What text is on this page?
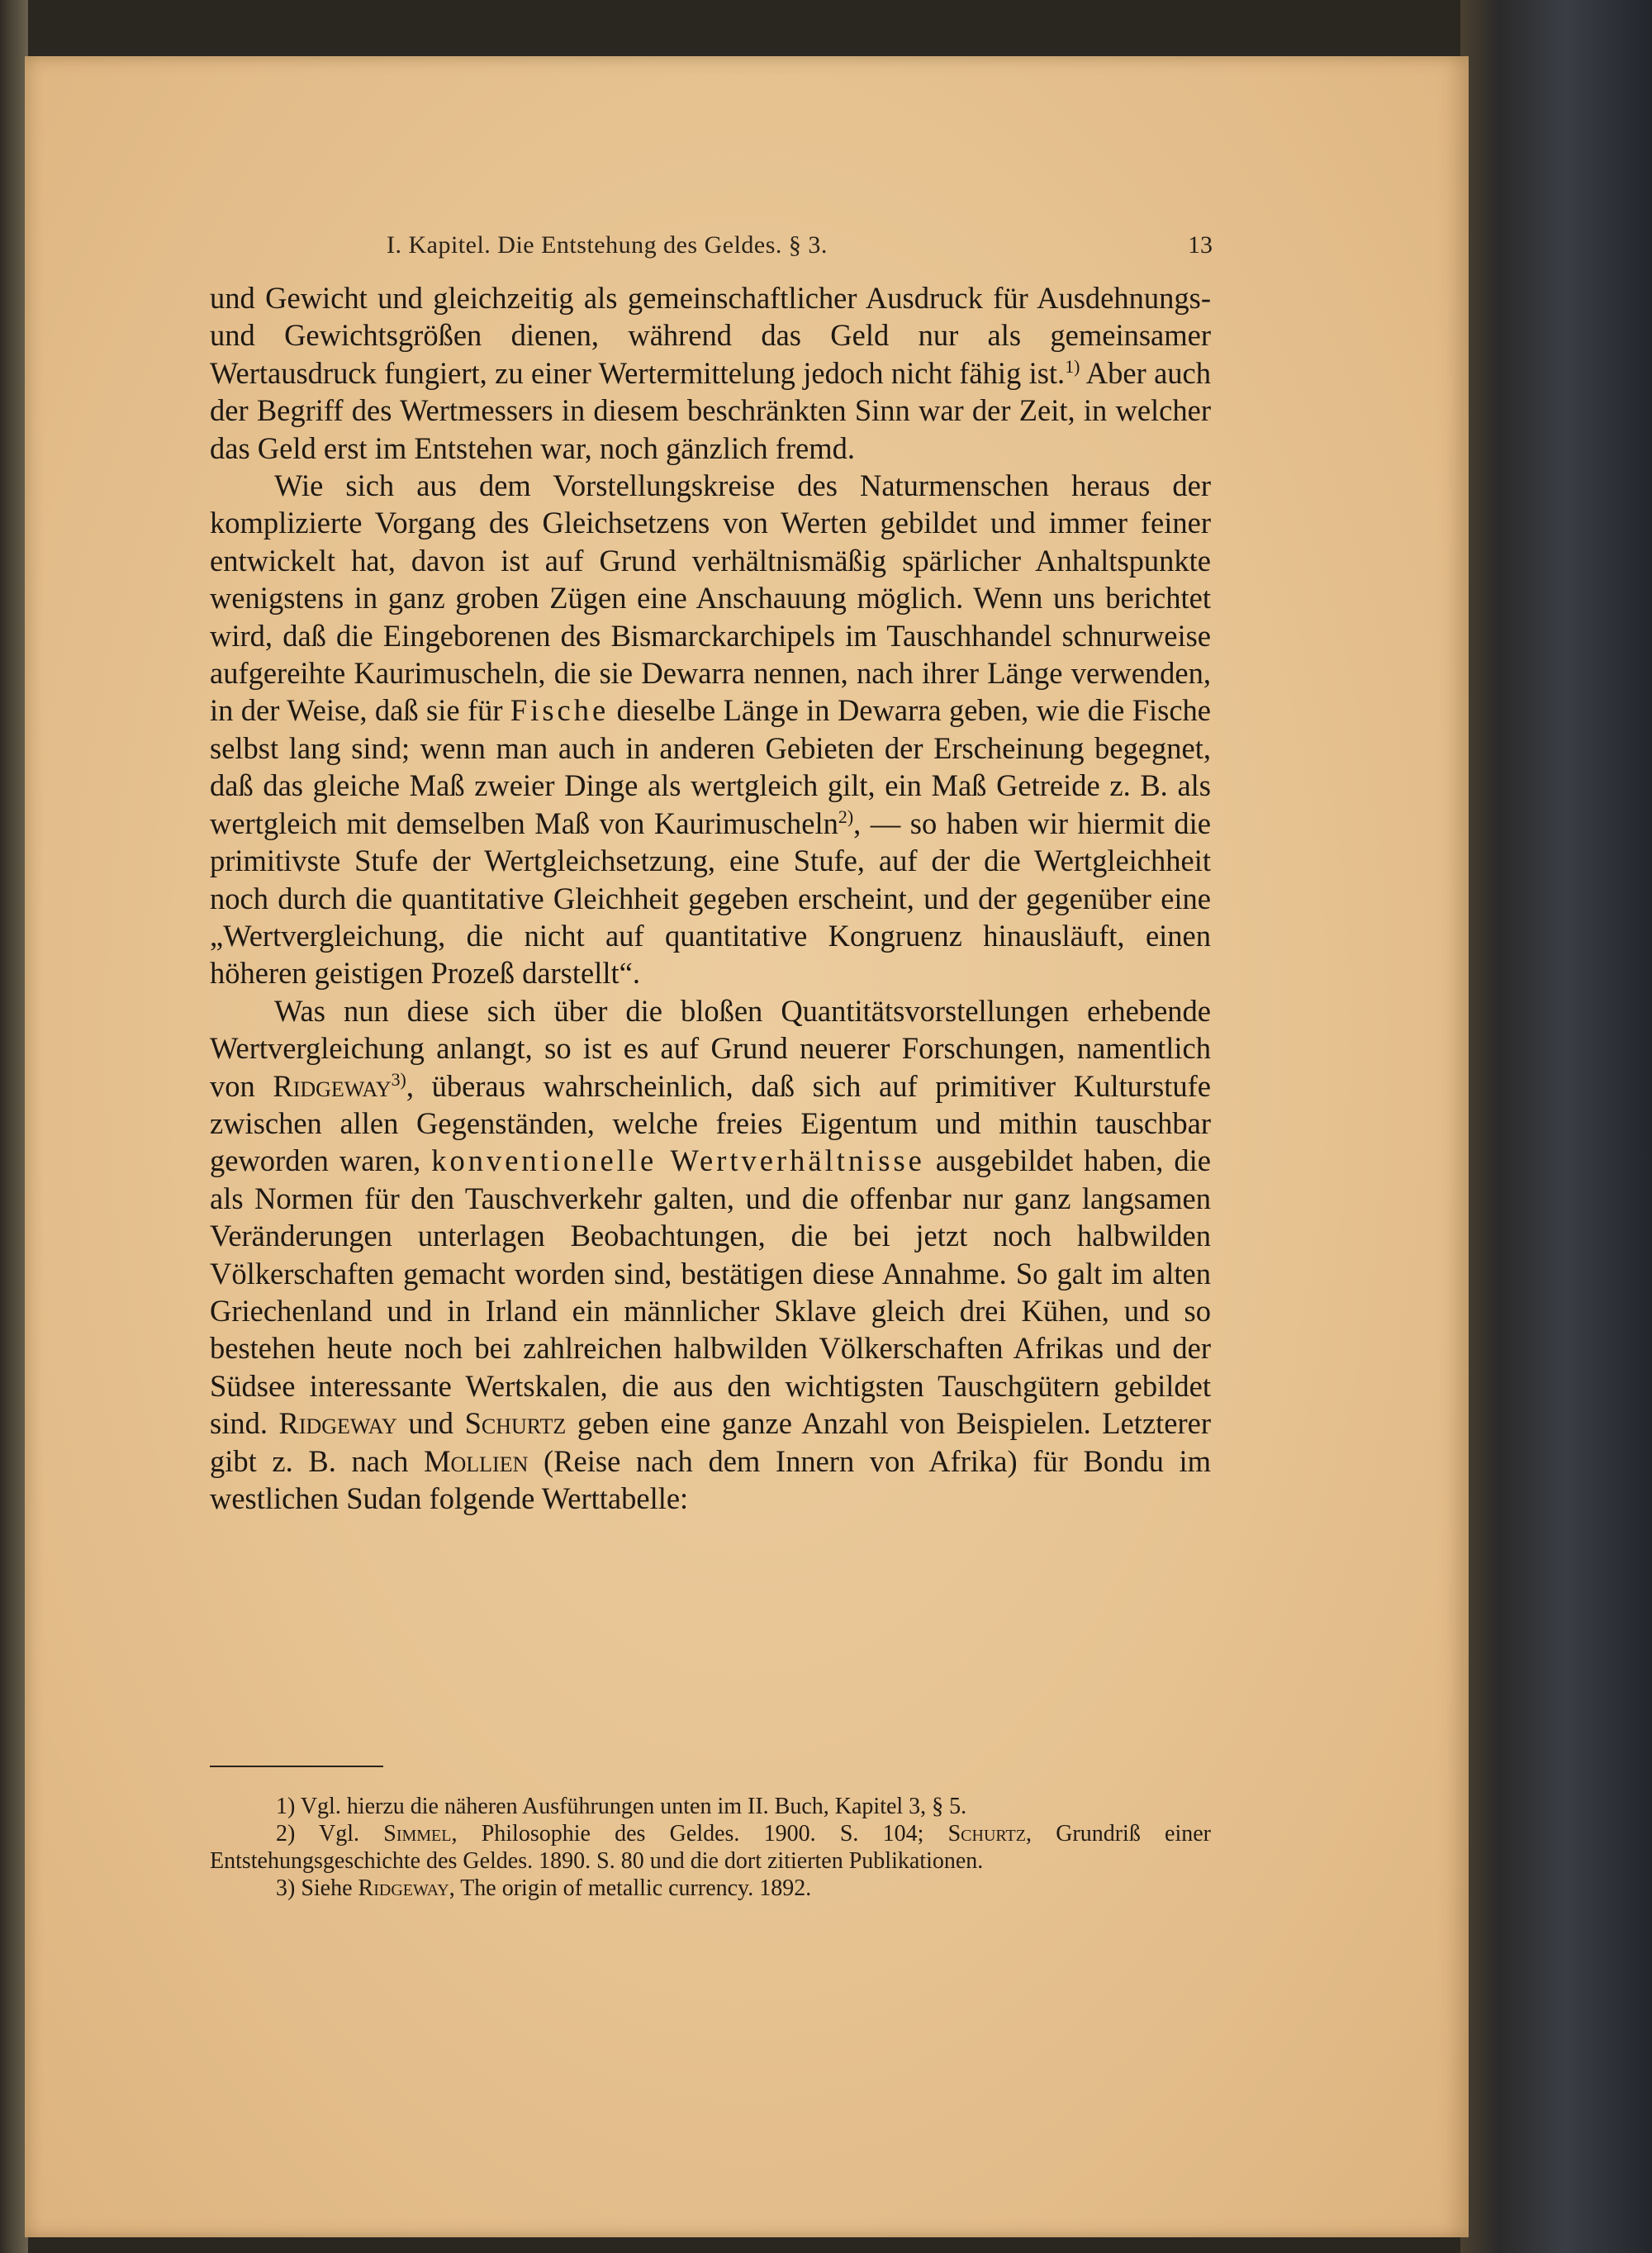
I. Kapitel. Die Entstehung des Geldes. § 3.	13

und Gewicht und gleichzeitig als gemeinschaftlicher Ausdruck für Ausdehnungs- und Gewichtsgrößen dienen, während das Geld nur als gemeinsamer Wertausdruck fungiert, zu einer Wertermittelung jedoch nicht fähig ist.$^{1)}$ Aber auch der Begriff des Wertmessers in diesem beschränkten Sinn war der Zeit, in welcher das Geld erst im Entstehen war, noch gänzlich fremd.

Wie sich aus dem Vorstellungskreise des Naturmenschen heraus der komplizierte Vorgang des Gleichsetzens von Werten gebildet und immer feiner entwickelt hat, davon ist auf Grund verhältnismäßig spärlicher Anhaltspunkte wenigstens in ganz groben Zügen eine Anschauung möglich. Wenn uns berichtet wird, daß die Eingeborenen des Bismarckarchipels im Tauschhandel schnurweise aufgereihte Kaurimuscheln, die sie Dewarra nennen, nach ihrer Länge verwenden, in der Weise, daß sie für Fische dieselbe Länge in Dewarra geben, wie die Fische selbst lang sind; wenn man auch in anderen Gebieten der Erscheinung begegnet, daß das gleiche Maß zweier Dinge als wertgleich gilt, ein Maß Getreide z. B. als wertgleich mit demselben Maß von Kaurimuscheln$^{2)}$, — so haben wir hiermit die primitivste Stufe der Wertgleichsetzung, eine Stufe, auf der die Wertgleichheit noch durch die quantitative Gleichheit gegeben erscheint, und der gegenüber eine „Wertvergleichung, die nicht auf quantitative Kongruenz hinausläuft, einen höheren geistigen Prozeß darstellt“.

Was nun diese sich über die bloßen Quantitätsvorstellungen erhebende Wertvergleichung anlangt, so ist es auf Grund neuerer Forschungen, namentlich von Ridgeway$^{3)}$, überaus wahrscheinlich, daß sich auf primitiver Kulturstufe zwischen allen Gegenständen, welche freies Eigentum und mithin tauschbar geworden waren, konventionelle Wertverhältnisse ausgebildet haben, die als Normen für den Tauschverkehr galten, und die offenbar nur ganz langsamen Veränderungen unterlagen Beobachtungen, die bei jetzt noch halbwilden Völkerschaften gemacht worden sind, bestätigen diese Annahme. So galt im alten Griechenland und in Irland ein männlicher Sklave gleich drei Kühen, und so bestehen heute noch bei zahlreichen halbwilden Völkerschaften Afrikas und der Südsee interessante Wertskalen, die aus den wichtigsten Tauschgütern gebildet sind. Ridgeway und Schurtz geben eine ganze Anzahl von Beispielen. Letzterer gibt z. B. nach Mollien (Reise nach dem Innern von Afrika) für Bondu im westlichen Sudan folgende Werttabelle:

1) Vgl. hierzu die näheren Ausführungen unten im II. Buch, Kapitel 3, § 5.

2) Vgl. Simmel, Philosophie des Geldes. 1900. S. 104; Schurtz, Grundriß einer Entstehungsgeschichte des Geldes. 1890. S. 80 und die dort zitierten Publikationen.

3) Siehe Ridgeway, The origin of metallic currency. 1892.
